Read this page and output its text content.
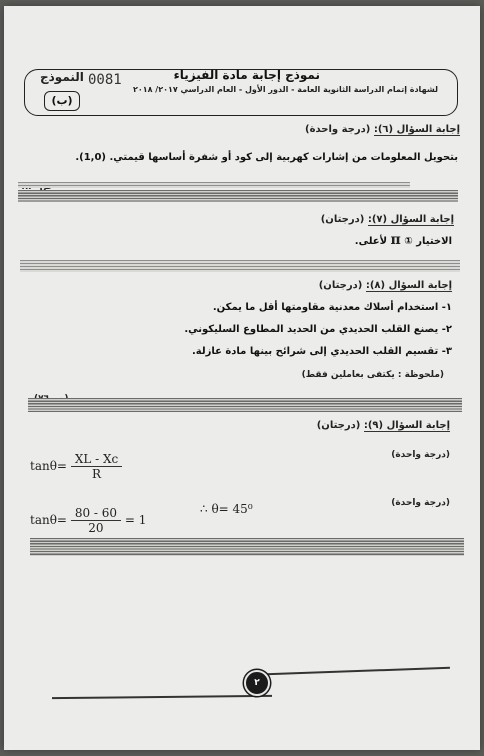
نموذج إجابة مادة الفيزياء
0081
النموذج
(ب)
لشهادة إتمام الدراسة الثانوية العامة - الدور الأول - العام الدراسي ٢٠١٧/ ٢٠١٨
إجابة السؤال (٦): (درجة واحدة)
بتحويل المعلومات من إشارات كهربية إلى كود أو شفرة أساسها قيمتي. (1,0).
إجابة السؤال (٧): (درجتان)
الاختيار ① π لأعلى.
إجابة السؤال (٨): (درجتان)
١- استخدام أسلاك معدنية مقاومتها أقل ما يمكن.
٢- يصنع القلب الحديدي من الحديد المطاوع السليكوني.
٣- تقسيم القلب الحديدي إلى شرائح بينها مادة عازلة.
(ملحوظة : يكتفى بعاملين فقط)
إجابة السؤال (٩): (درجتان)
(درجة واحدة)
$\tan\theta= \frac{XL - Xc}{R}$
(درجة واحدة)
$\tan\theta= \frac{80 - 60}{20} = 1$
∴ θ= 45⁰
٢
